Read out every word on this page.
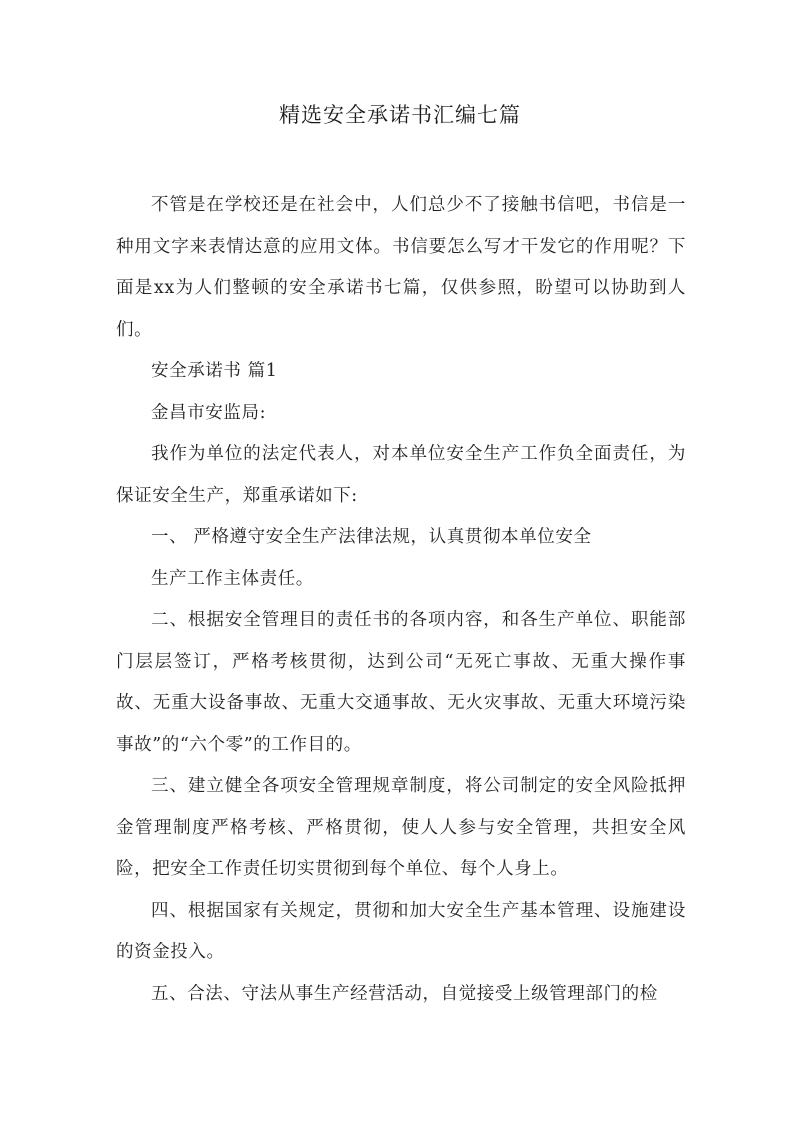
精选安全承诺书汇编七篇

不管是在学校还是在社会中，人们总少不了接触书信吧，书信是一种用文字来表情达意的应用文体。书信要怎么写才干发它的作用呢？下面是xx为人们整顿的安全承诺书七篇，仅供参照，盼望可以协助到人们。

安全承诺书 篇1

金昌市安监局:

我作为单位的法定代表人，对本单位安全生产工作负全面责任，为保证安全生产，郑重承诺如下:

一、 严格遵守安全生产法律法规，认真贯彻本单位安全

生产工作主体责任。

二、根据安全管理目的责任书的各项内容，和各生产单位、职能部门层层签订，严格考核贯彻，达到公司“无死亡事故、无重大操作事故、无重大设备事故、无重大交通事故、无火灾事故、无重大环境污染事故”的“六个零”的工作目的。

三、建立健全各项安全管理规章制度，将公司制定的安全风险抵押金管理制度严格考核、严格贯彻，使人人参与安全管理，共担安全风险，把安全工作责任切实贯彻到每个单位、每个人身上。

四、根据国家有关规定，贯彻和加大安全生产基本管理、设施建设的资金投入。

五、合法、守法从事生产经营活动，自觉接受上级管理部门的检
